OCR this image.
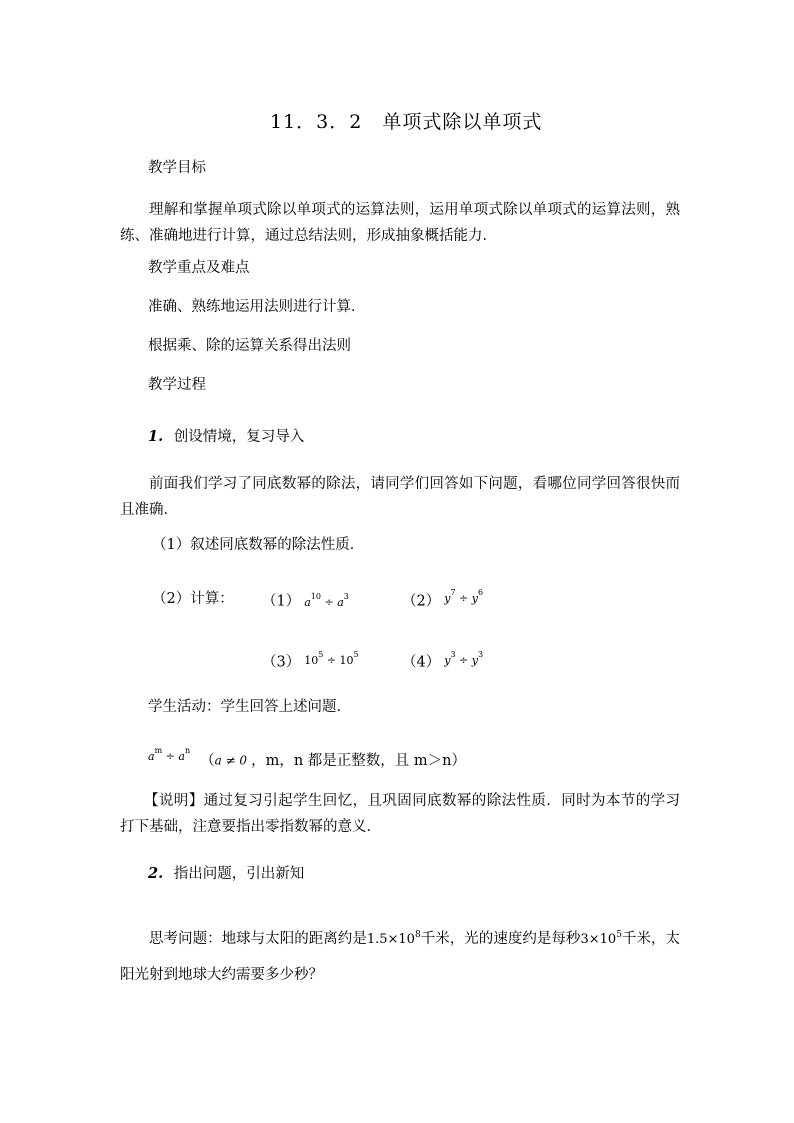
11．3．2　单项式除以单项式
教学目标
理解和掌握单项式除以单项式的运算法则，运用单项式除以单项式的运算法则，熟练、准确地进行计算，通过总结法则，形成抽象概括能力．
教学重点及难点
准确、熟练地运用法则进行计算．
根据乘、除的运算关系得出法则
教学过程
1. 创设情境，复习导入
前面我们学习了同底数幂的除法，请同学们回答如下问题，看哪位同学回答很快而且准确．
（1）叙述同底数幂的除法性质．
（2）计算： （1） $a^{10} \div a^3$	（2） $^{y^7 \div y^6}$
（3） $^{10^5 \div 10^5}$
（4） $^{y^3 \div y^3}$
学生活动：学生回答上述问题．
$^{a^m \div a^n}$（a ≠ 0 ，m，n 都是正整数，且 m＞n）
【说明】通过复习引起学生回忆，且巩固同底数幂的除法性质．同时为本节的学习打下基础，注意要指出零指数幂的意义．
2. 指出问题，引出新知
思考问题：地球与太阳的距离约是$1.5\times 10^8$千米，光的速度约是每秒$3\times 10^5$千米，太阳光射到地球大约需要多少秒？
